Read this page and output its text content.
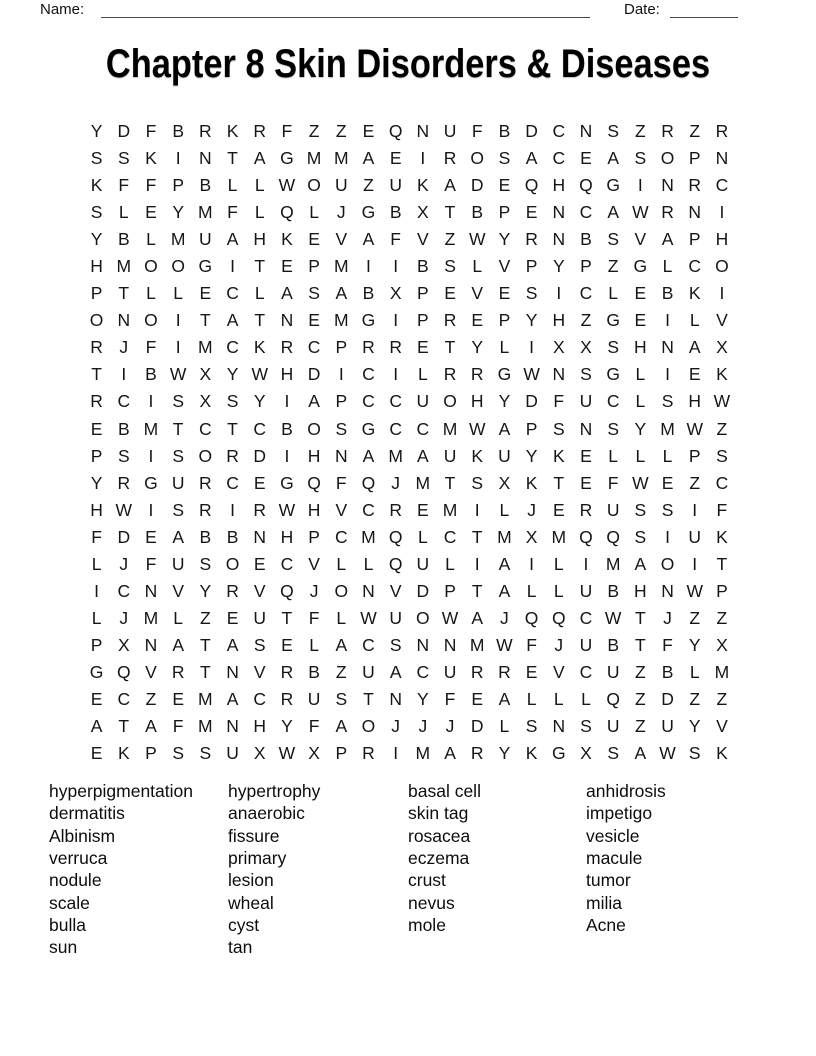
Name:	Date:
Chapter 8 Skin Disorders & Diseases
Y D F B R K R F Z Z E Q N U F B D C N S Z R Z R
S S K	I	N T A G M M A E	I	R O S A C E A S O P N
K F F P B L L W O U Z U K A D E Q H Q G	I	N R C
S L E Y M F L Q L	J G B X T B P E N C A W R N	I
Y B L M U A H K E V A F V Z W Y R N B S V A P H
H M O O G	I	T E P M I	I	B S L V P Y P Z G L C O
P T L L E C L A S A B X P E V E S	I	C L E B K	I
O N O	I	T A T N E M G	I	P R E P Y H Z G E	I	L V
R J F	I M C K R C P R R E T Y L	I	X X S H N A X
T	I	B W X Y W H D	I	C	I	L R R G W N S G L	I	E K
R C	I	S X S Y	I	A P C C U O H Y D F U C L S H W
E B M T C T C B O S G C C M W A P S N S Y M W Z
P S	I	S O R D	I	H N A M A U K U Y K E L L L P S
Y R G U R C E G Q F Q J M T S X K T E F W E Z C
H W I	S R	I	R W H V C R E M I	L	J E R U S S	I	F
F D E A B B N H P C M Q L C T M X M Q Q S	I	U K
L	J F U S O E C V L L Q U L	I	A	I	L	I M A O	I	T
I	C N V Y R V Q J O N V D P T A L L U B H N W P
L	J M L Z E U T F L W U O W A J Q Q C W T J Z Z
P X N A T A S E L A C S N N M W F J U B T F Y X
G Q V R T N V R B Z U A C U R R E V C U Z B L M
E C Z E M A C R U S T N Y F E A L L L Q Z D Z Z
A T A F M N H Y F A O J	J	J D L S N S U Z U Y V
E K P S S U X W X P R	I M A R Y K G X S A W S K
hyperpigmentation
dermatitis
Albinism
verruca
nodule
scale
bulla
sun
hypertrophy
anaerobic
fissure
primary
lesion
wheal
cyst
tan
basal cell
skin tag
rosacea
eczema
crust
nevus
mole
anhidrosis
impetigo
vesicle
macule
tumor
milia
Acne
